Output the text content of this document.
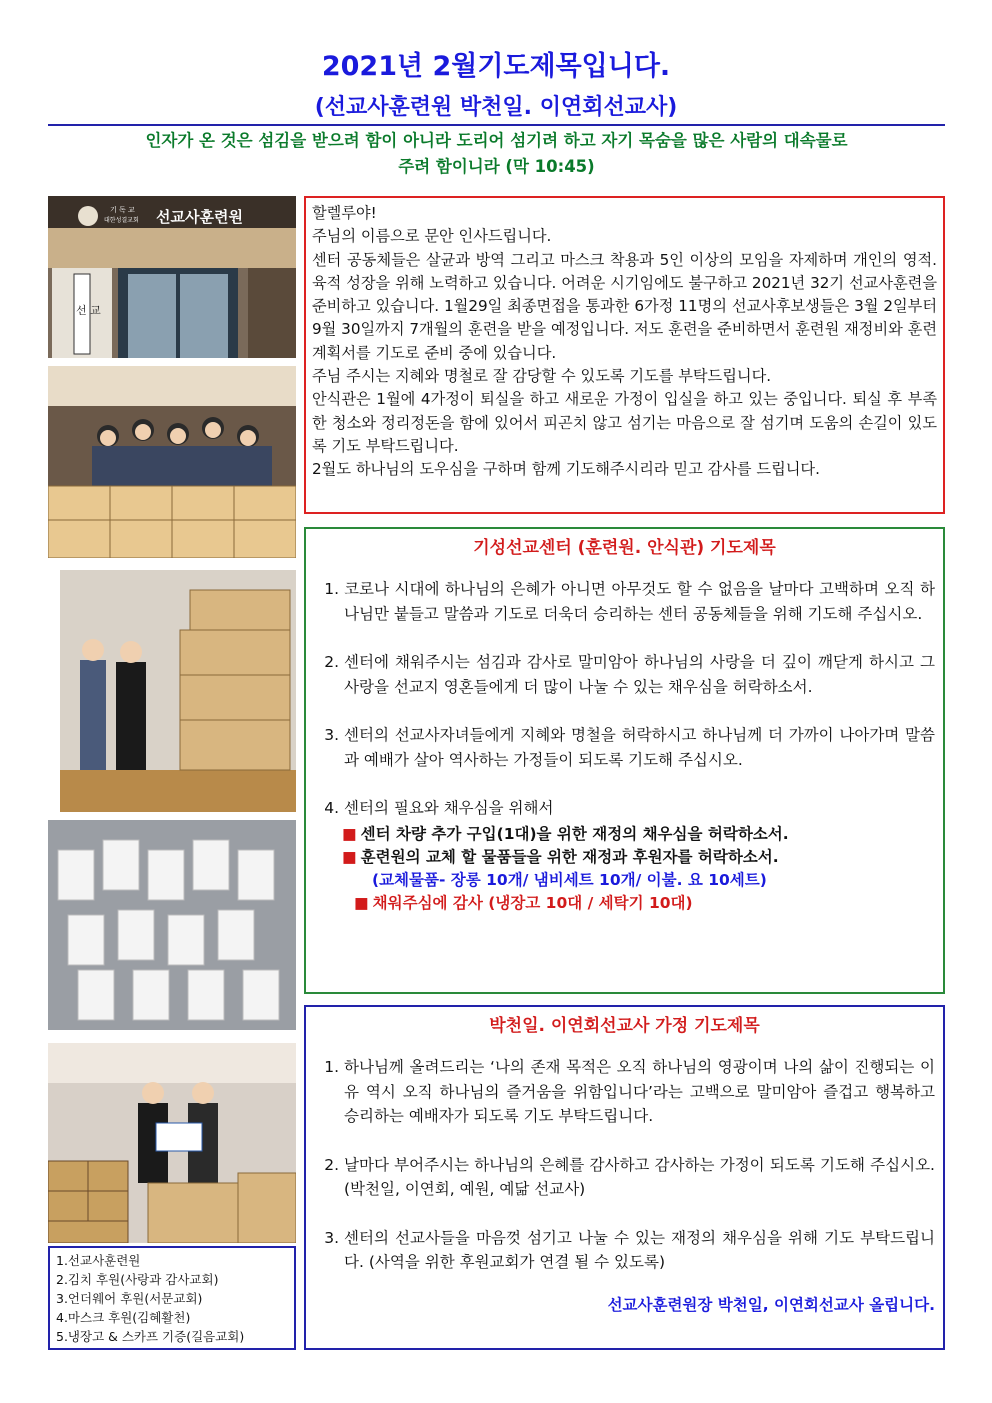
2021년 2월기도제목입니다.
(선교사훈련원 박천일. 이연회선교사)
인자가 온 것은 섬김을 받으려 함이 아니라 도리어 섬기려 하고 자기 목숨을 많은 사람의 대속물로
주려 함이니라 (막 10:45)
기 독 교
대한성결교회 선교사훈련원
선 교
1.선교사훈련원
2.김치 후원(사랑과 감사교회)
3.언더웨어 후원(서문교회)
4.마스크 후원(김혜활천)
5.냉장고 & 스카프 기증(길음교회)

할렐루야!

주님의 이름으로 문안 인사드립니다.

센터 공동체들은 살균과 방역 그리고 마스크 착용과 5인 이상의 모임을 자제하며 개인의 영적. 육적 성장을 위해 노력하고 있습니다. 어려운 시기임에도 불구하고 2021년 32기 선교사훈련을 준비하고 있습니다. 1월29일 최종면접을 통과한 6가정 11명의 선교사후보생들은 3월 2일부터 9월 30일까지 7개월의 훈련을 받을 예정입니다. 저도 훈련을 준비하면서 훈련원 재정비와 훈련 계획서를 기도로 준비 중에 있습니다.

주님 주시는 지혜와 명철로 잘 감당할 수 있도록 기도를 부탁드립니다.

안식관은 1월에 4가정이 퇴실을 하고 새로운 가정이 입실을 하고 있는 중입니다. 퇴실 후 부족한 청소와 정리정돈을 함에 있어서 피곤치 않고 섬기는 마음으로 잘 섬기며 도움의 손길이 있도록 기도 부탁드립니다.

2월도 하나님의 도우심을 구하며 함께 기도해주시리라 믿고 감사를 드립니다.

기성선교센터 (훈련원. 안식관) 기도제목
1. 코로나 시대에 하나님의 은혜가 아니면 아무것도 할 수 없음을 날마다 고백하며 오직 하나님만 붙들고 말씀과 기도로 더욱더 승리하는 센터 공동체들을 위해 기도해 주십시오.
2. 센터에 채워주시는 섬김과 감사로 말미암아 하나님의 사랑을 더 깊이 깨닫게 하시고 그 사랑을 선교지 영혼들에게 더 많이 나눌 수 있는 채우심을 허락하소서.
3. 센터의 선교사자녀들에게 지혜와 명철을 허락하시고 하나님께 더 가까이 나아가며 말씀과 예배가 살아 역사하는 가정들이 되도록 기도해 주십시오.
4. 센터의 필요와 채우심을 위해서
■ 센터 차량 추가 구입(1대)을 위한 재정의 채우심을 허락하소서.
■ 훈련원의 교체 할 물품들을 위한 재정과 후원자를 허락하소서.
(교체물품- 장롱 10개/ 냄비세트 10개/ 이불. 요 10세트)
■ 채워주심에 감사 (냉장고 10대 / 세탁기 10대)
박천일. 이연회선교사 가정 기도제목
1. 하나님께 올려드리는 ‘나의 존재 목적은 오직 하나님의 영광이며 나의 삶이 진행되는 이유 역시 오직 하나님의 즐거움을 위함입니다’라는 고백으로 말미암아 즐겁고 행복하고 승리하는 예배자가 되도록 기도 부탁드립니다.
2. 날마다 부어주시는 하나님의 은혜를 감사하고 감사하는 가정이 되도록 기도해 주십시오. (박천일, 이연회, 예원, 예닮 선교사)
3. 센터의 선교사들을 마음껏 섬기고 나눌 수 있는 재정의 채우심을 위해 기도 부탁드립니다. (사역을 위한 후원교회가 연결 될 수 있도록)
선교사훈련원장 박천일, 이연회선교사 올립니다.
